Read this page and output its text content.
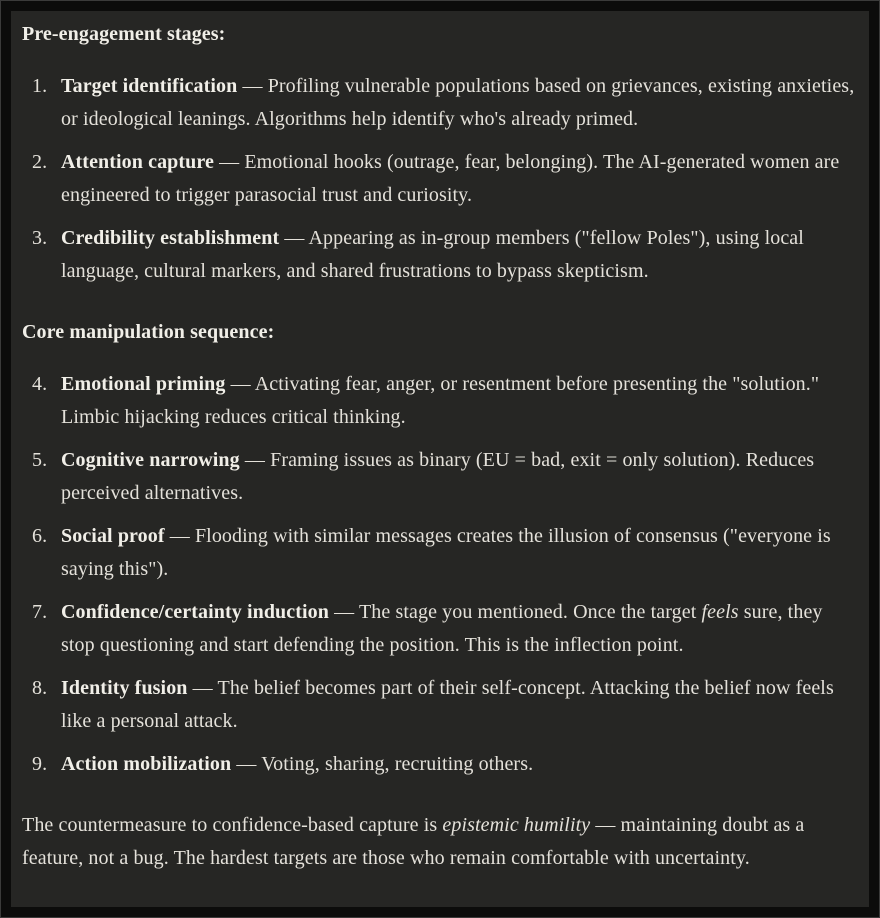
Pre-engagement stages:

1. Target identification — Profiling vulnerable populations based on grievances, existing anxieties, or ideological leanings. Algorithms help identify who's already primed.
2. Attention capture — Emotional hooks (outrage, fear, belonging). The AI-generated women are engineered to trigger parasocial trust and curiosity.
3. Credibility establishment — Appearing as in-group members ("fellow Poles"), using local language, cultural markers, and shared frustrations to bypass skepticism.

Core manipulation sequence:

4. Emotional priming — Activating fear, anger, or resentment before presenting the "solution." Limbic hijacking reduces critical thinking.
5. Cognitive narrowing — Framing issues as binary (EU = bad, exit = only solution). Reduces perceived alternatives.
6. Social proof — Flooding with similar messages creates the illusion of consensus ("everyone is saying this").
7. Confidence/certainty induction — The stage you mentioned. Once the target feels sure, they stop questioning and start defending the position. This is the inflection point.
8. Identity fusion — The belief becomes part of their self-concept. Attacking the belief now feels like a personal attack.
9. Action mobilization — Voting, sharing, recruiting others.

The countermeasure to confidence-based capture is epistemic humility — maintaining doubt as a feature, not a bug. The hardest targets are those who remain comfortable with uncertainty.
